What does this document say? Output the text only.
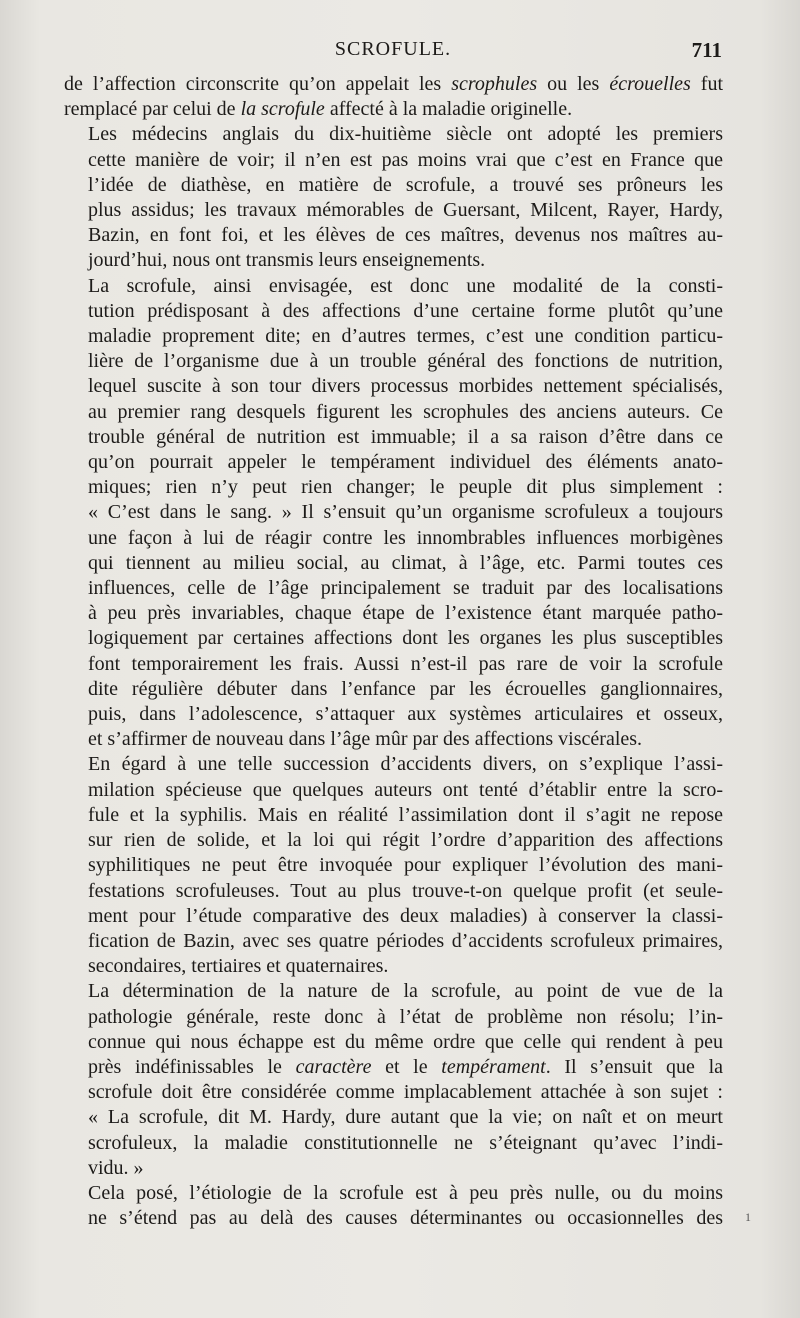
SCROFULE.	711

de l’affection circonscrite qu’on appelait les scrophules ou les écrouelles fut
remplacé par celui de la scrofule affecté à la maladie originelle.

Les médecins anglais du dix-huitième siècle ont adopté les premiers
cette manière de voir; il n’en est pas moins vrai que c’est en France que
l’idée de diathèse, en matière de scrofule, a trouvé ses prôneurs les
plus assidus; les travaux mémorables de Guersant, Milcent, Rayer, Hardy,
Bazin, en font foi, et les élèves de ces maîtres, devenus nos maîtres au-
jourd’hui, nous ont transmis leurs enseignements.

La scrofule, ainsi envisagée, est donc une modalité de la consti-
tution prédisposant à des affections d’une certaine forme plutôt qu’une
maladie proprement dite; en d’autres termes, c’est une condition particu-
lière de l’organisme due à un trouble général des fonctions de nutrition,
lequel suscite à son tour divers processus morbides nettement spécialisés,
au premier rang desquels figurent les scrophules des anciens auteurs. Ce
trouble général de nutrition est immuable; il a sa raison d’être dans ce
qu’on pourrait appeler le tempérament individuel des éléments anato-
miques; rien n’y peut rien changer; le peuple dit plus simplement :
« C’est dans le sang. » Il s’ensuit qu’un organisme scrofuleux a toujours
une façon à lui de réagir contre les innombrables influences morbigènes
qui tiennent au milieu social, au climat, à l’âge, etc. Parmi toutes ces
influences, celle de l’âge principalement se traduit par des localisations
à peu près invariables, chaque étape de l’existence étant marquée patho-
logiquement par certaines affections dont les organes les plus susceptibles
font temporairement les frais. Aussi n’est-il pas rare de voir la scrofule
dite régulière débuter dans l’enfance par les écrouelles ganglionnaires,
puis, dans l’adolescence, s’attaquer aux systèmes articulaires et osseux,
et s’affirmer de nouveau dans l’âge mûr par des affections viscérales.

En égard à une telle succession d’accidents divers, on s’explique l’assi-
milation spécieuse que quelques auteurs ont tenté d’établir entre la scro-
fule et la syphilis. Mais en réalité l’assimilation dont il s’agit ne repose
sur rien de solide, et la loi qui régit l’ordre d’apparition des affections
syphilitiques ne peut être invoquée pour expliquer l’évolution des mani-
festations scrofuleuses. Tout au plus trouve-t-on quelque profit (et seule-
ment pour l’étude comparative des deux maladies) à conserver la classi-
fication de Bazin, avec ses quatre périodes d’accidents scrofuleux primaires,
secondaires, tertiaires et quaternaires.

La détermination de la nature de la scrofule, au point de vue de la
pathologie générale, reste donc à l’état de problème non résolu; l’in-
connue qui nous échappe est du même ordre que celle qui rendent à peu
près indéfinissables le caractère et le tempérament. Il s’ensuit que la
scrofule doit être considérée comme implacablement attachée à son sujet :
« La scrofule, dit M. Hardy, dure autant que la vie; on naît et on meurt
scrofuleux, la maladie constitutionnelle ne s’éteignant qu’avec l’indi-
vidu. »

Cela posé, l’étiologie de la scrofule est à peu près nulle, ou du moins
ne s’étend pas au delà des causes déterminantes ou occasionnelles des 1
